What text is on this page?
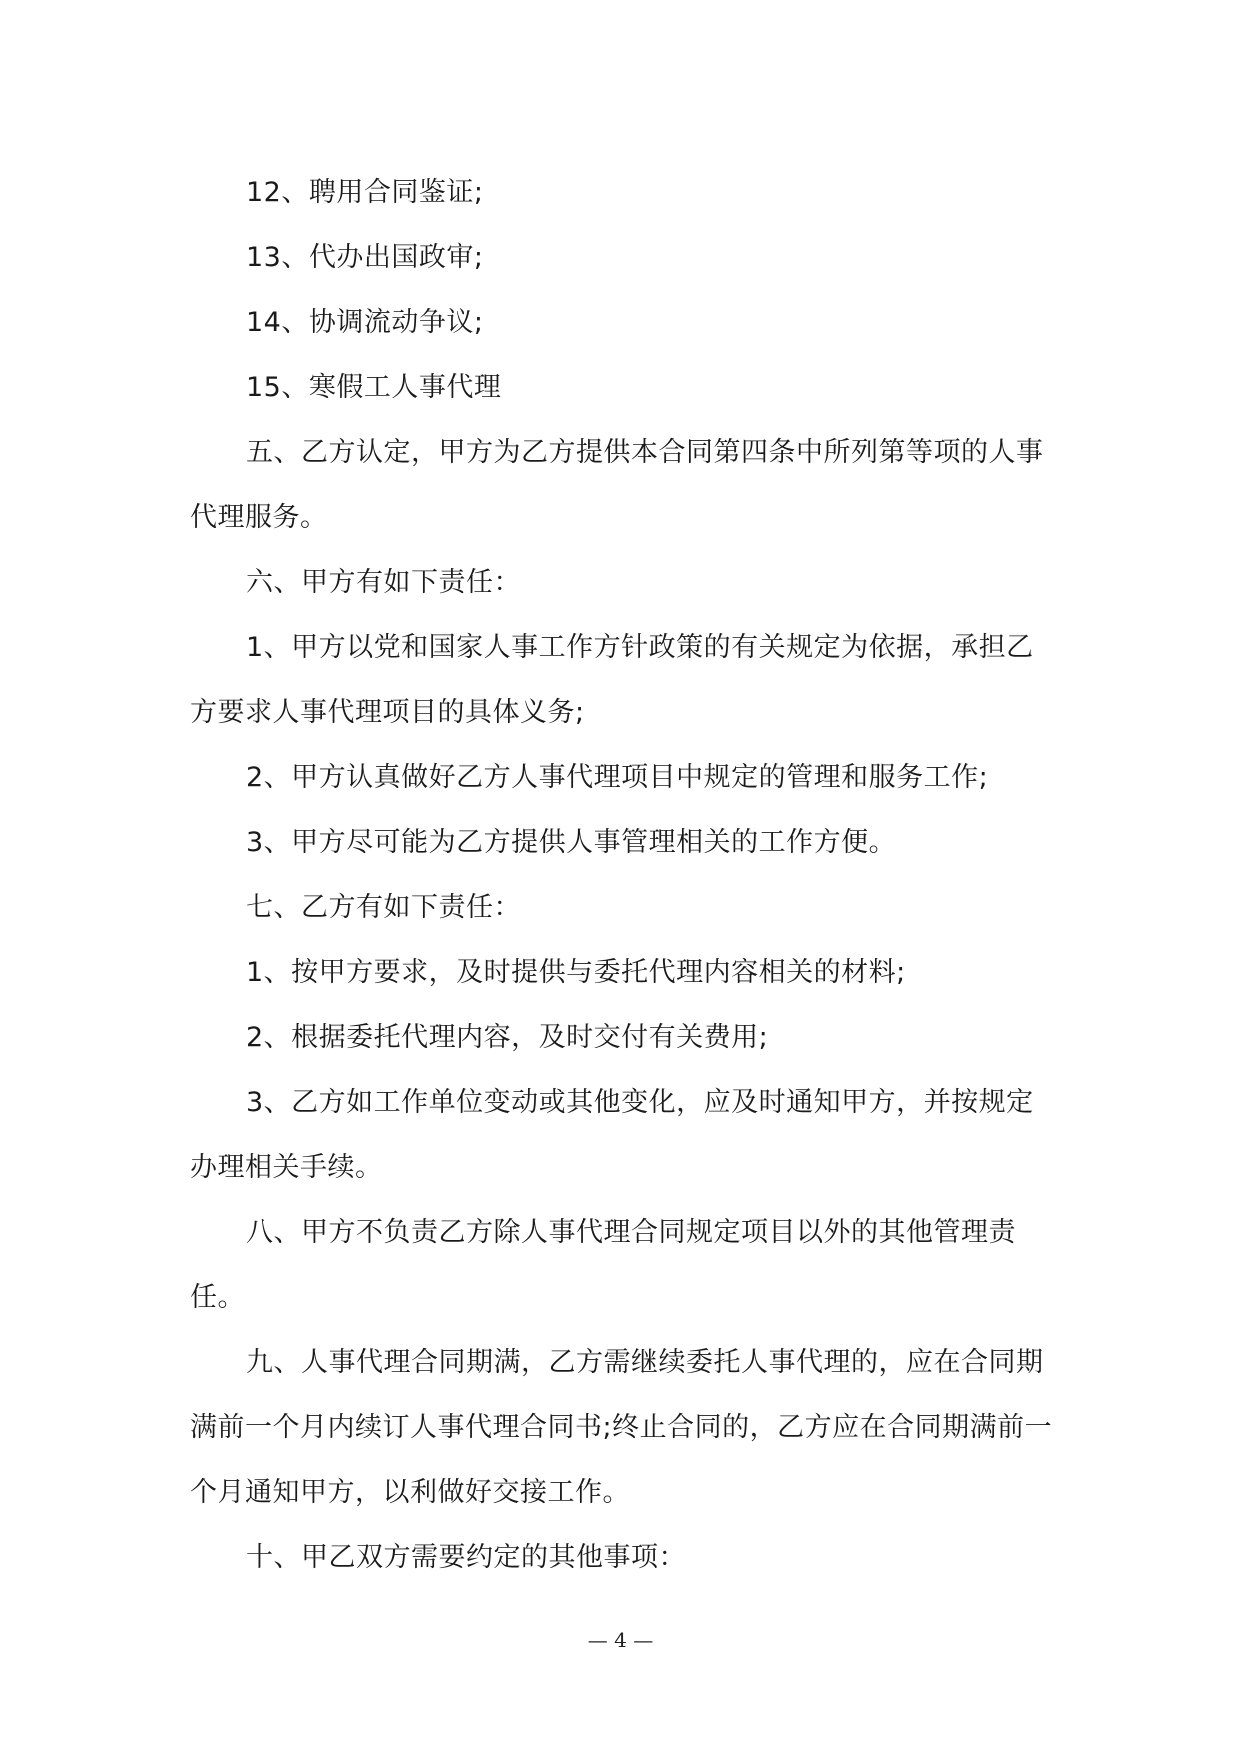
12、聘用合同鉴证;

13、代办出国政审;

14、协调流动争议;

15、寒假工人事代理

五、乙方认定，甲方为乙方提供本合同第四条中所列第等项的人事代理服务。

六、甲方有如下责任：

1、甲方以党和国家人事工作方针政策的有关规定为依据，承担乙方要求人事代理项目的具体义务;

2、甲方认真做好乙方人事代理项目中规定的管理和服务工作;

3、甲方尽可能为乙方提供人事管理相关的工作方便。

七、乙方有如下责任：

1、按甲方要求，及时提供与委托代理内容相关的材料;

2、根据委托代理内容，及时交付有关费用;

3、乙方如工作单位变动或其他变化，应及时通知甲方，并按规定办理相关手续。

八、甲方不负责乙方除人事代理合同规定项目以外的其他管理责任。

九、人事代理合同期满，乙方需继续委托人事代理的，应在合同期满前一个月内续订人事代理合同书;终止合同的，乙方应在合同期满前一个月通知甲方，以利做好交接工作。

十、甲乙双方需要约定的其他事项：

— 4 —
